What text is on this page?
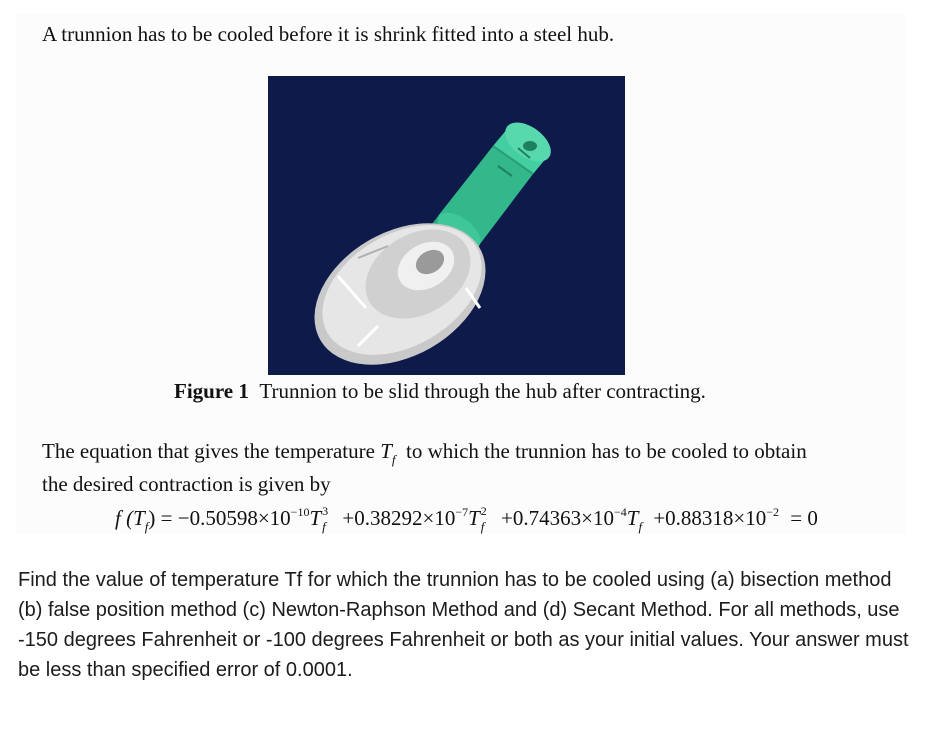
A trunnion has to be cooled before it is shrink fitted into a steel hub.
Figure 1 Trunnion to be slid through the hub after contracting.
The equation that gives the temperature $T_f$ to which the trunnion has to be cooled to obtain
the desired contraction is given by
f $(T_f) = -0.50598\times 10^{-10}T$ 3
$f +0.38292\times 10^{-7}T$ 2
$f +0.74363\times 10^{-4}T_f +0.88318\times 10^{-2} = 0$
Find the value of temperature Tf for which the trunnion has to be cooled using (a) bisection method (b) false position method (c) Newton-Raphson Method and (d) Secant Method. For all methods, use -150 degrees Fahrenheit or -100 degrees Fahrenheit or both as your initial values. Your answer must be less than specified error of 0.0001.
